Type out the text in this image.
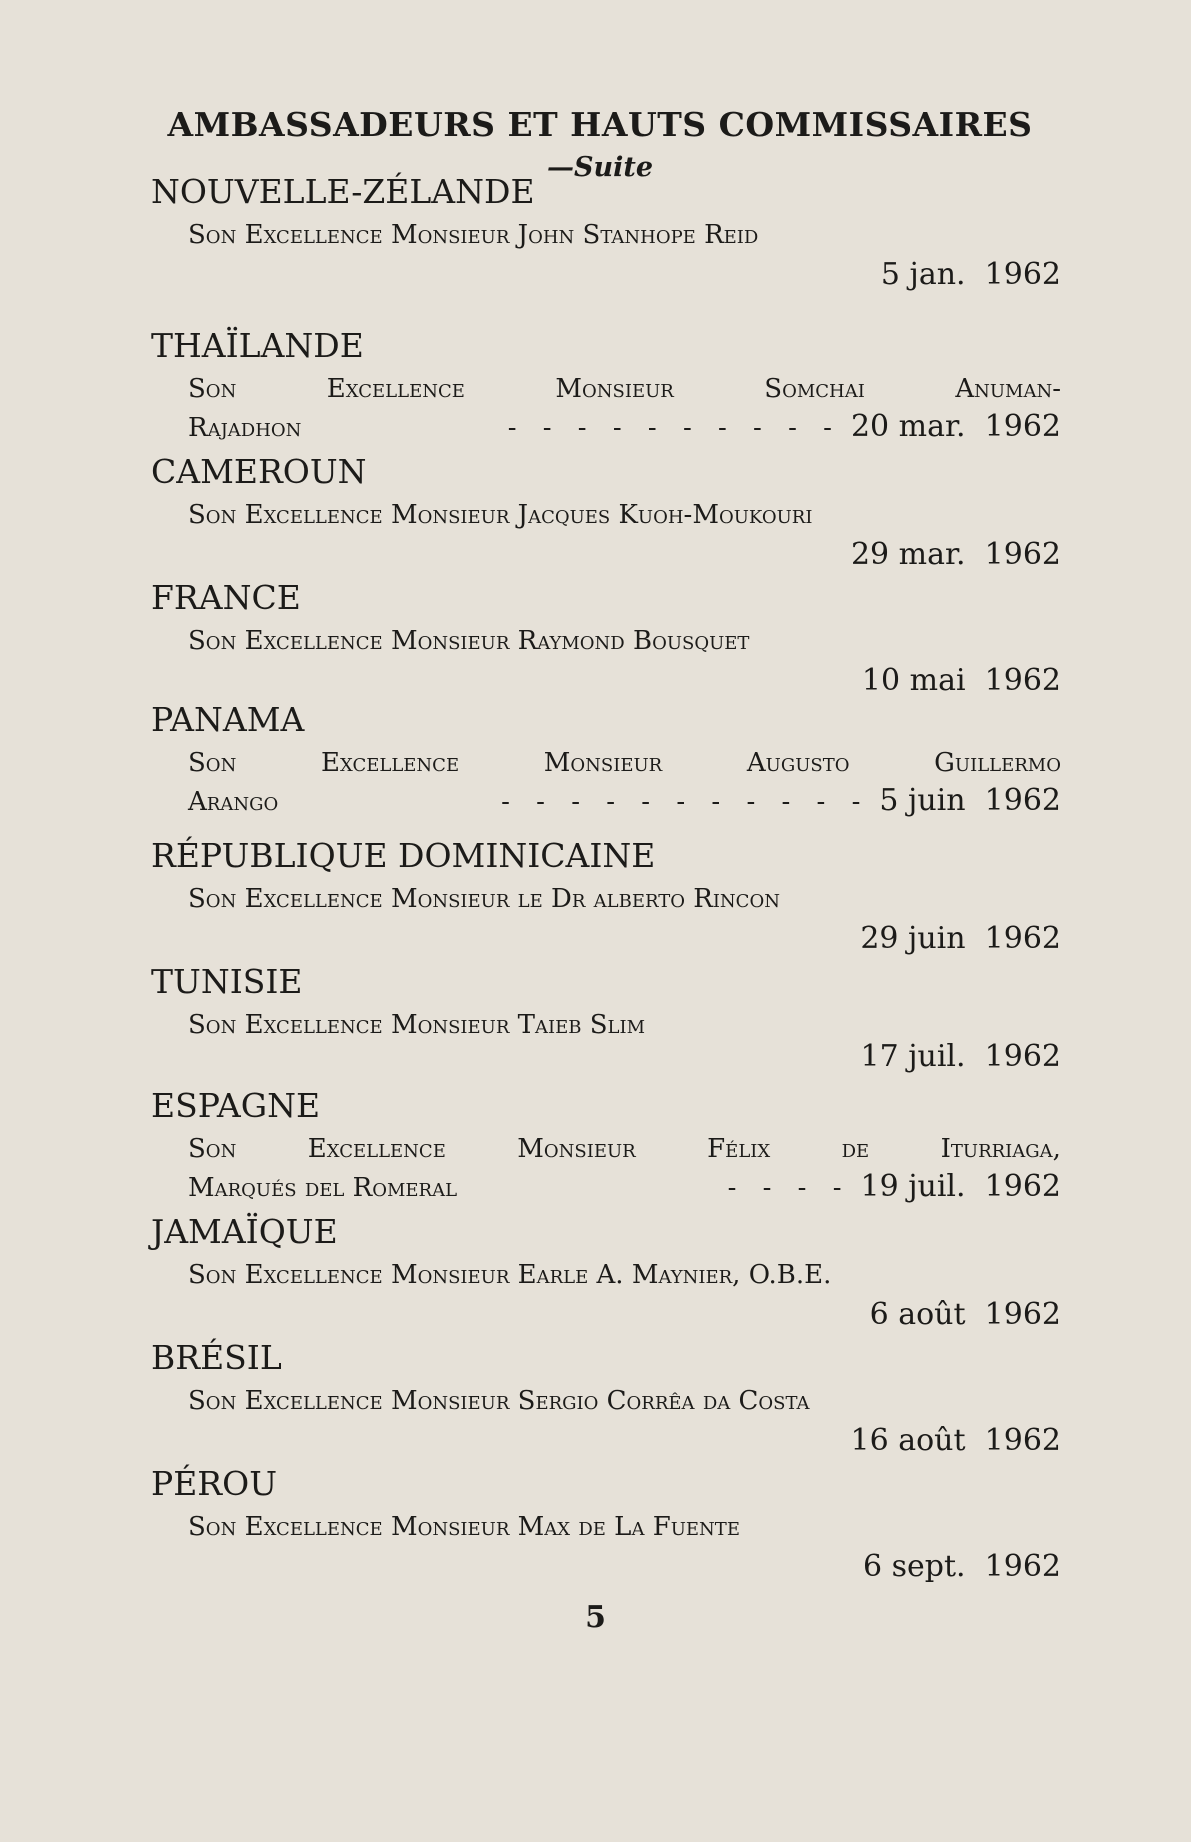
AMBASSADEURS ET HAUTS COMMISSAIRES
—Suite
NOUVELLE-ZÉLANDE
Son Excellence Monsieur John Stanhope Reid
5 jan. 1962
THAÏLANDE
Son	Excellence	Monsieur	Somchai	Anuman-
Rajadhon	- - - - - - - - - - 20 mar. 1962
CAMEROUN
Son Excellence Monsieur Jacques Kuoh-Moukouri
29 mar. 1962
FRANCE
Son Excellence Monsieur Raymond Bousquet
10 mai 1962
PANAMA
Son	Excellence	Monsieur	Augusto	Guillermo
Arango	- - - - - - - - - - - 5 juin 1962
RÉPUBLIQUE DOMINICAINE
Son Excellence Monsieur le Dr alberto Rincon
29 juin 1962
TUNISIE
Son Excellence Monsieur Taieb Slim
17 juil. 1962
ESPAGNE
Son	Excellence	Monsieur	Félix	de	Iturriaga,
Marqués del Romeral	- - - - 19 juil. 1962
JAMAÏQUE
Son Excellence Monsieur Earle A. Maynier, O.B.E.
6 août 1962
BRÉSIL
Son Excellence Monsieur Sergio Corrêa da Costa
16 août 1962
PÉROU
Son Excellence Monsieur Max de La Fuente
6 sept. 1962
5
